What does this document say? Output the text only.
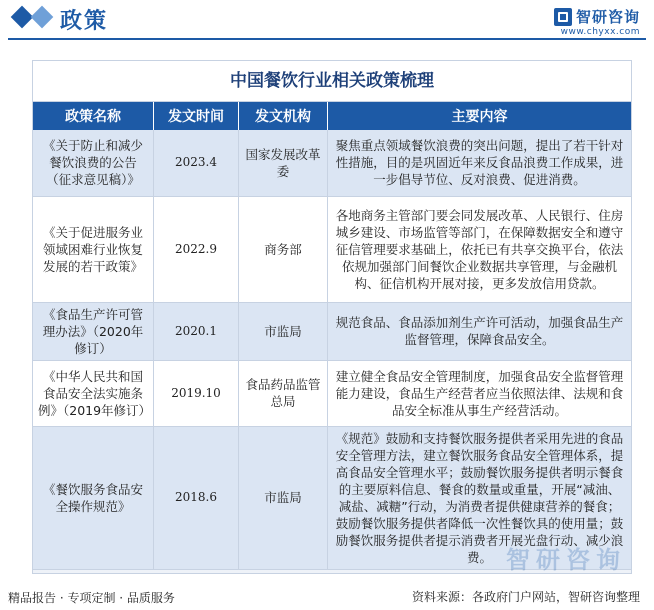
政策	智研咨询
www.chyxx.com
中国餐饮行业相关政策梳理
政策名称	发文时间	发文机构	主要内容
《关于防止和减少餐饮浪费的公告（征求意见稿）》	2023.4	国家发展改革委	聚焦重点领域餐饮浪费的突出问题，提出了若干针对性措施，目的是巩固近年来反食品浪费工作成果，进一步倡导节位、反对浪费、促进消费。
《关于促进服务业领域困难行业恢复发展的若干政策》	2022.9	商务部	各地商务主管部门要会同发展改革、人民银行、住房城乡建设、市场监管等部门，在保障数据安全和遵守征信管理要求基础上，依托已有共享交换平台，依法依规加强部门间餐饮企业数据共享管理，与金融机构、征信机构开展对接，更多发放信用贷款。
《食品生产许可管理办法》（2020年修订）	2020.1	市监局	规范食品、食品添加剂生产许可活动，加强食品生产监督管理，保障食品安全。
《中华人民共和国食品安全法实施条例》（2019年修订）	2019.10	食品药品监管总局	建立健全食品安全管理制度，加强食品安全监督管理能力建设，食品生产经营者应当依照法律、法规和食品安全标准从事生产经营活动。
《餐饮服务食品安全操作规范》	2018.6	市监局	《规范》鼓励和支持餐饮服务提供者采用先进的食品安全管理方法，建立餐饮服务食品安全管理体系，提高食品安全管理水平；鼓励餐饮服务提供者明示餐食的主要原料信息、餐食的数量或重量，开展“减油、减盐、减糖”行动，为消费者提供健康营养的餐食；鼓励餐饮服务提供者降低一次性餐饮具的使用量；鼓励餐饮服务提供者提示消费者开展光盘行动、减少浪费。 智研咨询
精品报告 · 专项定制 · 品质服务	资料来源：各政府门户网站，智研咨询整理
